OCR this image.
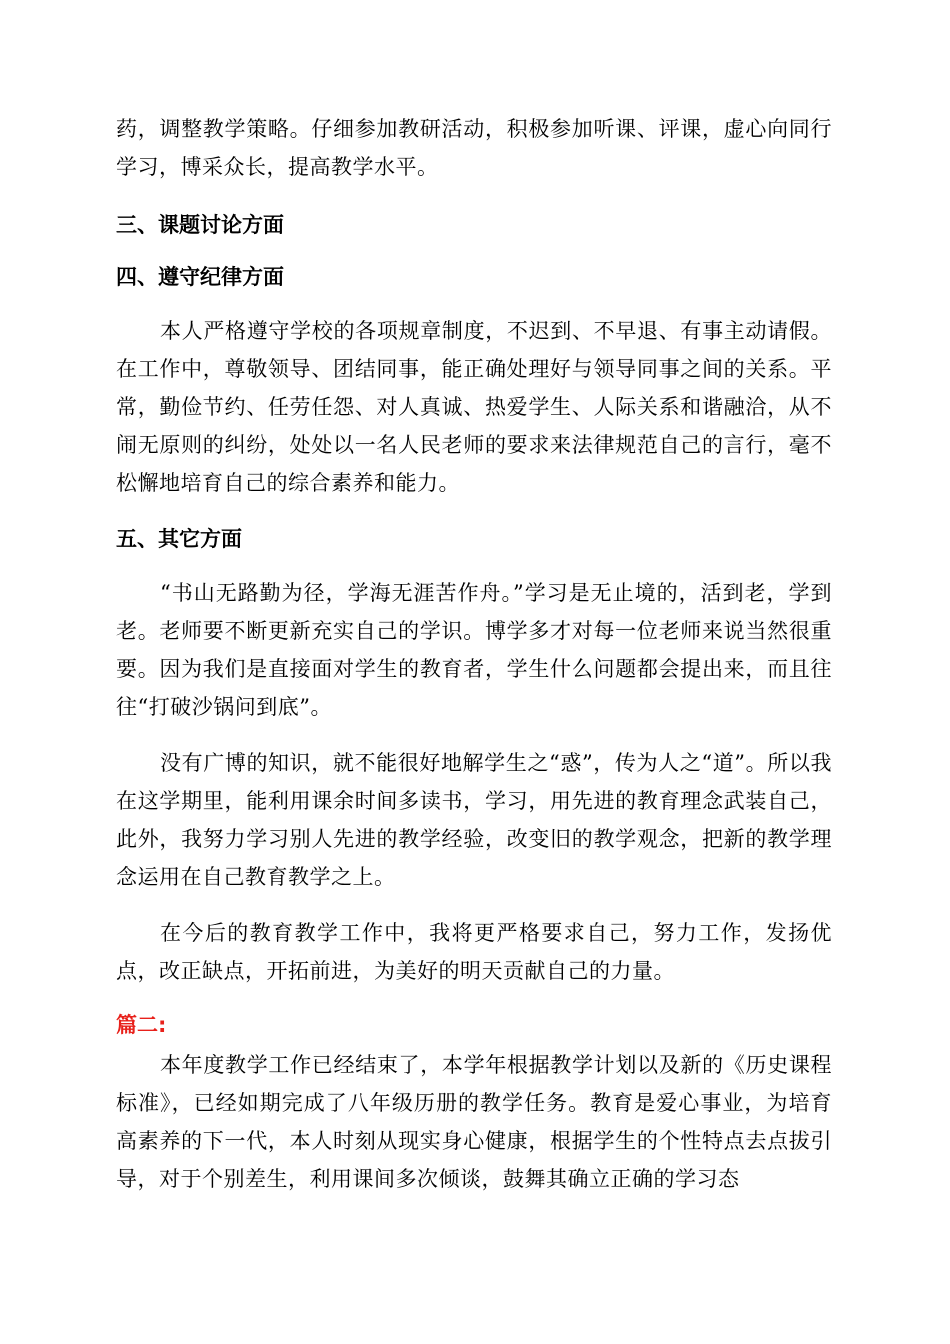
药，调整教学策略。仔细参加教研活动，积极参加听课、评课，虚心向同行学习，博采众长，提高教学水平。

三、课题讨论方面

四、遵守纪律方面

本人严格遵守学校的各项规章制度，不迟到、不早退、有事主动请假。在工作中，尊敬领导、团结同事，能正确处理好与领导同事之间的关系。平常，勤俭节约、任劳任怨、对人真诚、热爱学生、人际关系和谐融洽，从不闹无原则的纠纷，处处以一名人民老师的要求来法律规范自己的言行，毫不松懈地培育自己的综合素养和能力。

五、其它方面

“书山无路勤为径，学海无涯苦作舟。”学习是无止境的，活到老，学到老。老师要不断更新充实自己的学识。博学多才对每一位老师来说当然很重要。因为我们是直接面对学生的教育者，学生什么问题都会提出来，而且往往“打破沙锅问到底”。

没有广博的知识，就不能很好地解学生之“惑”，传为人之“道”。所以我在这学期里，能利用课余时间多读书，学习，用先进的教育理念武装自己，此外，我努力学习别人先进的教学经验，改变旧的教学观念，把新的教学理念运用在自己教育教学之上。

在今后的教育教学工作中，我将更严格要求自己，努力工作，发扬优点，改正缺点，开拓前进，为美好的明天贡献自己的力量。

篇二:

本年度教学工作已经结束了，本学年根据教学计划以及新的《历史课程标准》，已经如期完成了八年级历册的教学任务。教育是爱心事业，为培育高素养的下一代，本人时刻从现实身心健康，根据学生的个性特点去点拔引导，对于个别差生，利用课间多次倾谈，鼓舞其确立正确的学习态
